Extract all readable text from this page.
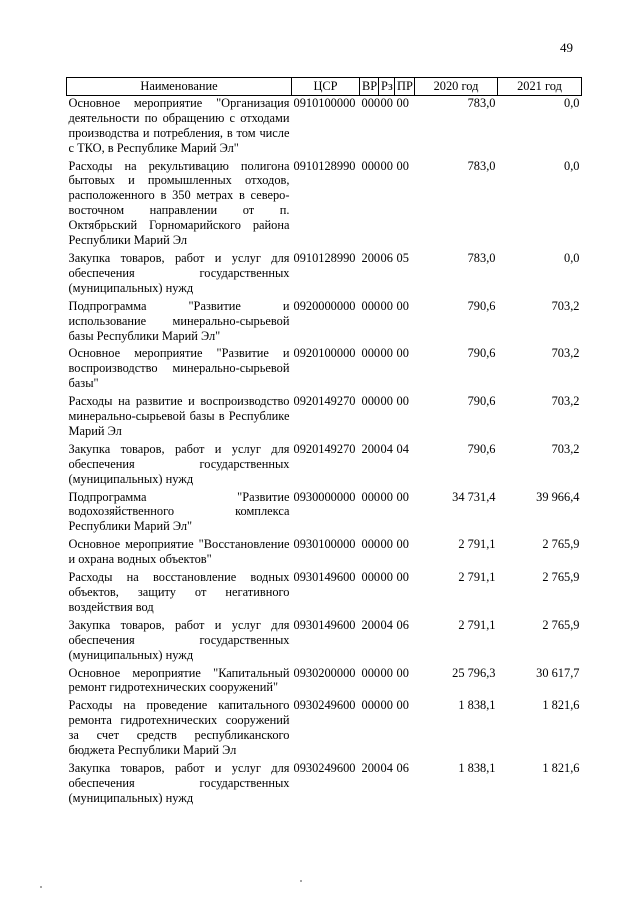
49
Наименование	ЦСР	ВР	Рз	ПР	2020 год	2021 год
Основное мероприятие "Организация деятельности по обращению с отходами производства и потребления, в том числе с ТКО, в Республике Марий Эл"	0910100000	000	00	00	783,0	0,0
Расходы на рекультивацию полигона бытовых и промышленных отходов, расположенного в 350 метрах в северо-восточном направлении от п. Октябрьский Горномарийского района Республики Марий Эл	0910128990	000	00	00	783,0	0,0
Закупка товаров, работ и услуг для обеспечения государственных (муниципальных) нужд	0910128990	200	06	05	783,0	0,0
Подпрограмма "Развитие и использование минерально-сырьевой базы Республики Марий Эл"	0920000000	000	00	00	790,6	703,2
Основное мероприятие "Развитие и воспроизводство минерально-сырьевой базы"	0920100000	000	00	00	790,6	703,2
Расходы на развитие и воспроизводство минерально-сырьевой базы в Республике Марий Эл	0920149270	000	00	00	790,6	703,2
Закупка товаров, работ и услуг для обеспечения государственных (муниципальных) нужд	0920149270	200	04	04	790,6	703,2
Подпрограмма "Развитие водохозяйственного комплекса Республики Марий Эл"	0930000000	000	00	00	34 731,4	39 966,4
Основное мероприятие "Восстановление и охрана водных объектов"	0930100000	000	00	00	2 791,1	2 765,9
Расходы на восстановление водных объектов, защиту от негативного воздействия вод	0930149600	000	00	00	2 791,1	2 765,9
Закупка товаров, работ и услуг для обеспечения государственных (муниципальных) нужд	0930149600	200	04	06	2 791,1	2 765,9
Основное мероприятие "Капитальный ремонт гидротехнических сооружений"	0930200000	000	00	00	25 796,3	30 617,7
Расходы на проведение капитального ремонта гидротехнических сооружений за счет средств республиканского бюджета Республики Марий Эл	0930249600	000	00	00	1 838,1	1 821,6
Закупка товаров, работ и услуг для обеспечения государственных (муниципальных) нужд	0930249600	200	04	06	1 838,1	1 821,6
